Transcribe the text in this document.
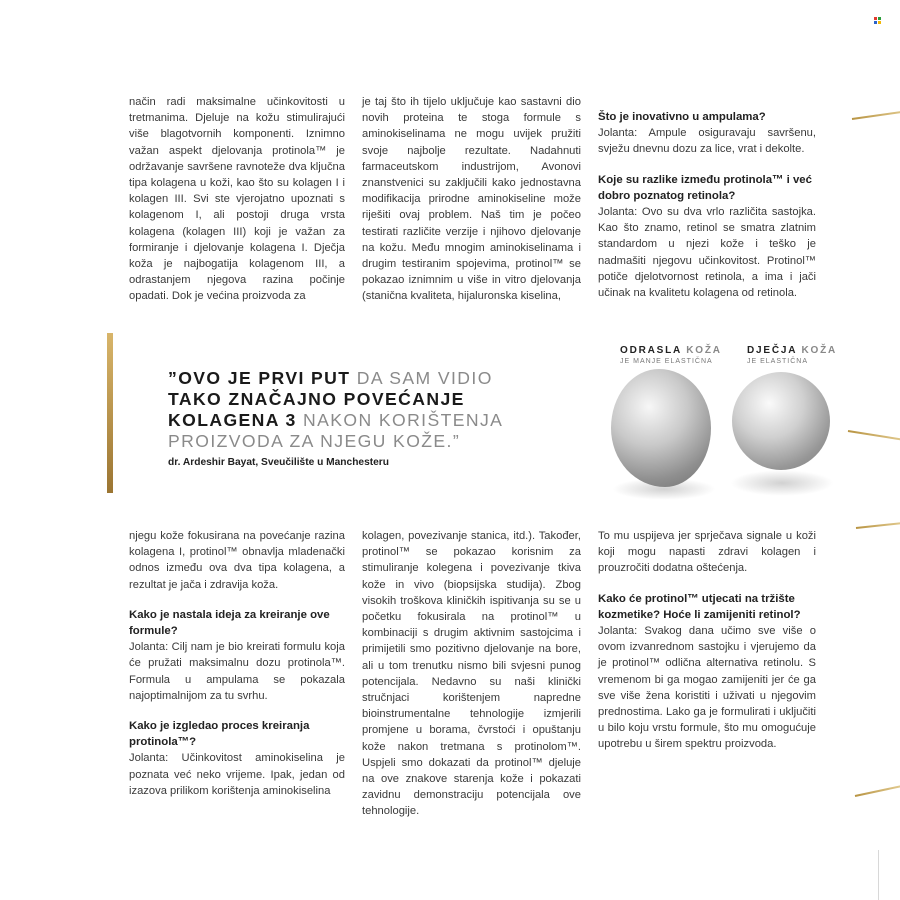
način radi maksimalne učinkovitosti u tretmanima. Djeluje na kožu stimulirajući više blagotvornih komponenti. Iznimno važan aspekt djelovanja protinola™ je održavanje savršene ravnoteže dva ključna tipa kolagena u koži, kao što su kolagen I i kolagen III. Svi ste vjerojatno upoznati s kolagenom I, ali postoji druga vrsta kolagena (kolagen III) koji je važan za formiranje i djelovanje kolagena I. Dječja koža je najbogatija kolagenom III, a odrastanjem njegova razina počinje opadati. Dok je većina proizvoda za

je taj što ih tijelo uključuje kao sastavni dio novih proteina te stoga formule s aminokiselinama ne mogu uvijek pružiti svoje najbolje rezultate. Nadahnuti farmaceutskom industrijom, Avonovi znanstvenici su zaključili kako jednostavna modifikacija prirodne aminokiseline može riješiti ovaj problem. Naš tim je počeo testirati različite verzije i njihovo djelovanje na kožu. Među mnogim aminokiselinama i drugim testiranim spojevima, protinol™ se pokazao iznimnim u više in vitro djelovanja (stanična kvaliteta, hijaluronska kiselina,

Što je inovativno u ampulama?

Jolanta: Ampule osiguravaju savršenu, svježu dnevnu dozu za lice, vrat i dekolte.

Koje su razlike između protinola™ i već dobro poznatog retinola?

Jolanta: Ovo su dva vrlo različita sastojka. Kao što znamo, retinol se smatra zlatnim standardom u njezi kože i teško je nadmašiti njegovu učinkovitost. Protinol™ potiče djelotvornost retinola, a ima i jači učinak na kvalitetu kolagena od retinola.

”OVO JE PRVI PUT DA SAM VIDIO
TAKO ZNAČAJNO POVEĆANJE
KOLAGENA 3 NAKON KORIŠTENJA
PROIZVODA ZA NJEGU KOŽE.”
dr. Ardeshir Bayat, Sveučilište u Manchesteru
ODRASLA KOŽA
JE MANJE ELASTIČNA
DJEČJA KOŽA
JE ELASTIČNA

njegu kože fokusirana na povećanje razina kolagena I, protinol™ obnavlja mladenački odnos između ova dva tipa kolagena, a rezultat je jača i zdravija koža.

Kako je nastala ideja za kreiranje ove formule?

Jolanta: Cilj nam je bio kreirati formulu koja će pružati maksimalnu dozu protinola™. Formula u ampulama se pokazala najoptimalnijom za tu svrhu.

Kako je izgledao proces kreiranja protinola™?

Jolanta: Učinkovitost aminokiselina je poznata već neko vrijeme. Ipak, jedan od izazova prilikom korištenja aminokiselina

kolagen, povezivanje stanica, itd.). Također, protinol™ se pokazao korisnim za stimuliranje kolegena i povezivanje tkiva kože in vivo (biopsijska studija). Zbog visokih troškova kliničkih ispitivanja su se u početku fokusirala na protinol™ u kombinaciji s drugim aktivnim sastojcima i primijetili smo pozitivno djelovanje na bore, ali u tom trenutku nismo bili svjesni punog potencijala. Nedavno su naši klinički stručnjaci korištenjem napredne bioinstrumentalne tehnologije izmjerili promjene u borama, čvrstoći i opuštanju kože nakon tretmana s protinolom™. Uspjeli smo dokazati da protinol™ djeluje na ove znakove starenja kože i pokazati zavidnu demonstraciju potencijala ove tehnologije.

To mu uspijeva jer sprječava signale u koži koji mogu napasti zdravi kolagen i prouzročiti dodatna oštećenja.

Kako će protinol™ utjecati na tržište kozmetike? Hoće li zamijeniti retinol?

Jolanta: Svakog dana učimo sve više o ovom izvanrednom sastojku i vjerujemo da je protinol™ odlična alternativa retinolu. S vremenom bi ga mogao zamijeniti jer će ga sve više žena koristiti i uživati u njegovim prednostima. Lako ga je formulirati i uključiti u bilo koju vrstu formule, što mu omogućuje upotrebu u širem spektru proizvoda.
